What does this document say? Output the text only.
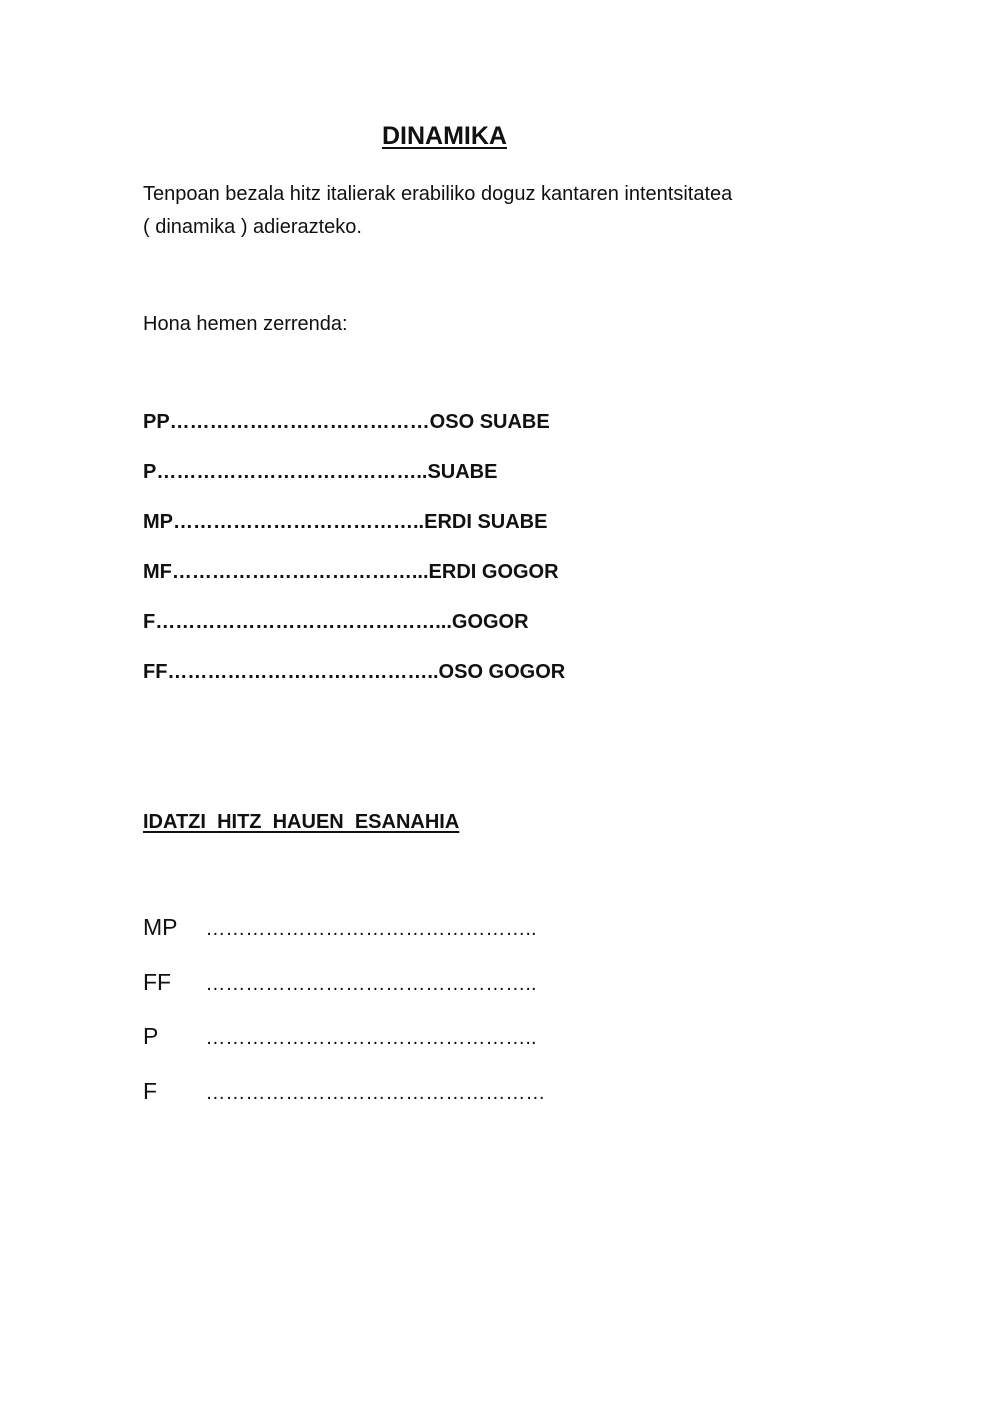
DINAMIKA
Tenpoan bezala hitz italierak erabiliko doguz kantaren intentsitatea
( dinamika ) adierazteko.
Hona hemen zerrenda:
PP…………………………………OSO SUABE
P…………………………………..SUABE
MP………………………………..ERDI SUABE
MF………………………………...ERDI GOGOR
F……………………………………...GOGOR
FF…………………………………..OSO GOGOR
IDATZI  HITZ  HAUEN  ESANAHIA
MP …………………………………………..
FF …………………………………………..
P …………………………………………..
F ……………………………………………
